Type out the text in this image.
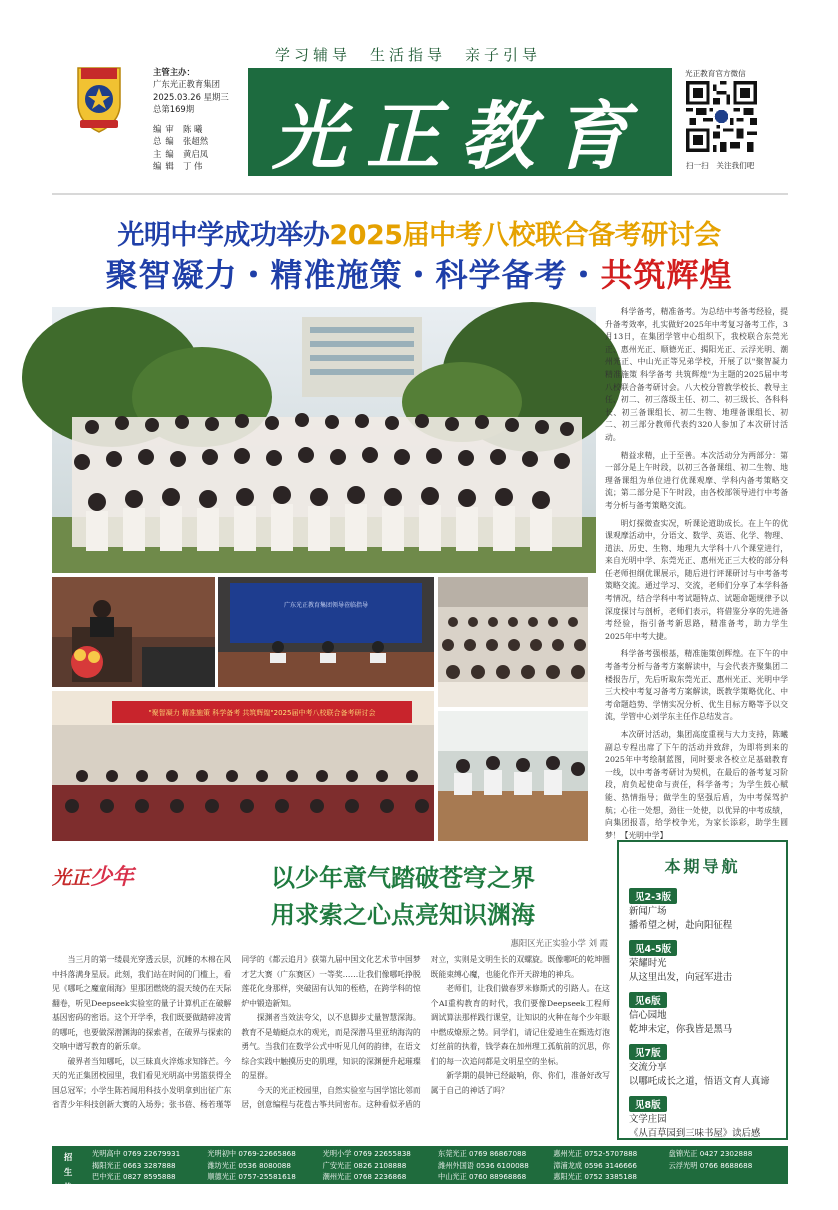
主管主办：
广东光正教育集团
2025.03.26 星期三
总第169期
编审 陈 曦
总编 张超然
主编 黄启凤
编辑 丁 伟
学习辅导　生活指导　亲子引导
光正教育
光正教育官方微信
扫一扫　关注我们吧
光明中学成功举办2025届中考八校联合备考研讨会
聚智凝力・精准施策・科学备考・共筑辉煌
广东光正教育集团领导莅临指导
"聚智凝力 精准施策 科学备考 共筑辉煌"2025届中考八校联合备考研讨会

科学备考，精准备考。为总结中考备考经验，提升备考效率，扎实做好2025年中考复习备考工作，3月13日，在集团学管中心组织下，我校联合东莞光正、惠州光正、顺德光正、揭阳光正、云浮光明、潮州光正、中山光正等兄弟学校，开展了以"聚智凝力 精准施策 科学备考 共筑辉煌"为主题的2025届中考八校联合备考研讨会。八大校分管教学校长、教导主任、初二、初三落级主任、初二、初三级长、各科科长、初三备课组长、初二生物、地理备课组长、初二、初三部分教师代表约320人参加了本次研讨活动。

精益求精，止于至善。本次活动分为两部分：第一部分是上午时段，以初三各备课组、初二生物、地理备课组为单位进行优课观摩、学科内备考策略交流；第二部分是下午时段，由各校部领导进行中考备考分析与备考策略交流。

明灯探微查实况，听课论道助成长。在上午的优课观摩活动中，分语文、数学、英语、化学、物理、道法、历史、生物、地理九大学科十八个课堂进行，来自光明中学、东莞光正、惠州光正三大校的部分科任老师担纲优课展示，随后进行评课研讨与中考备考策略交流。通过学习、交流，老师们分享了本学科备考情况，结合学科中考试题特点、试题命题规律予以深度探讨与剖析，老师们表示，将借鉴分享的先进备考经验，指引备考新思路，精准备考，助力学生2025年中考大捷。

科学备考强根基，精准施策创辉煌。在下午的中考备考分析与备考方案解读中，与会代表齐聚集团二楼报告厅，先后听取东莞光正、惠州光正、光明中学三大校中考复习备考方案解读，既教学策略优化、中考命题趋势、学情实况分析、优生目标方略等予以交流，学管中心刘学东主任作总结发言。

本次研讨活动，集团高度重视与大力支持，陈曦副总专程出席了下午的活动并致辞，为即将到来的2025年中考绘制蓝图，同时要求各校立足基础教育一线，以中考备考研讨为契机，在最后的备考复习阶段，肩负起使命与责任，科学备考；为学生鼓心赋能、热情指导；做学生的坚强后盾，为中考保驾护航；心往一处想，劲往一处使，以优异的中考成绩，向集团报喜，给学校争光，为家长添彩，助学生圆梦！【光明中学】

光正少年	以少年意气踏破苍穹之界
用求索之心点亮知识渊海
惠阳区光正实验小学 刘 霞

当三月的第一缕晨光穿透云层，沉睡的木棉在风中抖落满身星辰。此刻，我们站在时间的门槛上，看见《哪吒之魔童闹海》里那团燃烧的混天绫仍在天际翻卷，听见Deepseek实验室的量子计算机正在破解基因密码的密语。这个开学季，我们既要做踏碎凌霄的哪吒，也要做深潜渊海的探索者，在破界与探索的交响中谱写教育的新乐章。

破界者当知哪吒，以三昧真火淬炼求知锋芒。今天的光正集团校园里，我们看见光明高中男篮获得全国总冠军；小学生陈若闻用科技小发明拿到出征广东省青少年科技创新大赛的入场券；张书蓓、杨若瑾等同学的《都云追月》获第九届中国文化艺术节中国梦才艺大赛（广东赛区）一等奖……让我们像哪吒挣脱莲花化身那样，突破固有认知的桎梏，在跨学科的惊炉中锻造新知。

探渊者当效法夸父，以不息脚步丈量智慧深海。教育不是蜻蜓点水的观光，而是深潜马里亚纳海沟的勇气。当我们在数学公式中听见几何的韵律，在语文综合实践中触摸历史的肌理，知识的深渊便升起璀璨的星群。

今天的光正校园里，自然实验室与国学馆比邻而居，创意编程与花苞古筝共同密布。这种看似矛盾的对立，实则是文明生长的双螺旋。既像哪吒的乾坤圈既能束缚心魔，也能化作开天辟地的神兵。

老师们，让我们做春罗米修斯式的引路人。在这个AI重构教育的时代，我们要像Deepseek工程师调试算法那样践行课堂，让知识的火种在每个少年眼中燃成燎原之势。同学们，请记住爱迪生在甄选灯泡灯丝前的执着，钱学森在加州理工孤航前的沉思，你们的每一次追问都是文明星空的坐标。

新学期的晨钟已经敲响，你、你们，准备好改写属于自己的神话了吗？

本期导航
见2-3版
新闻广场
播希望之树，赴向阳征程
见4-5版
荣耀时光
从这里出发，向冠军进击
见6版
信心园地
乾坤未定，你我皆是黑马
见7版
交流分享
以哪吒成长之道，悟语文育人真谛
见8版
文学庄园
《从百草园到三味书屋》读后感
招生热线
光明高中 0769 22679931	光明初中 0769-22665868	光明小学 0769 22655838	东莞光正 0769 86867088	惠州光正 0752-5707888	盘锦光正 0427 2302888
揭阳光正 0663 3287888	潍坊光正 0536 8080088	广安光正 0826 2108888	潍州外国语 0536 6100088	漳浦龙成 0596 3146666	云浮光明 0766 8688688
巴中光正 0827 8595888	顺德光正 0757-25581618	潮州光正 0768 2236868	中山光正 0760 88968868	惠阳光正 0752 3385188
